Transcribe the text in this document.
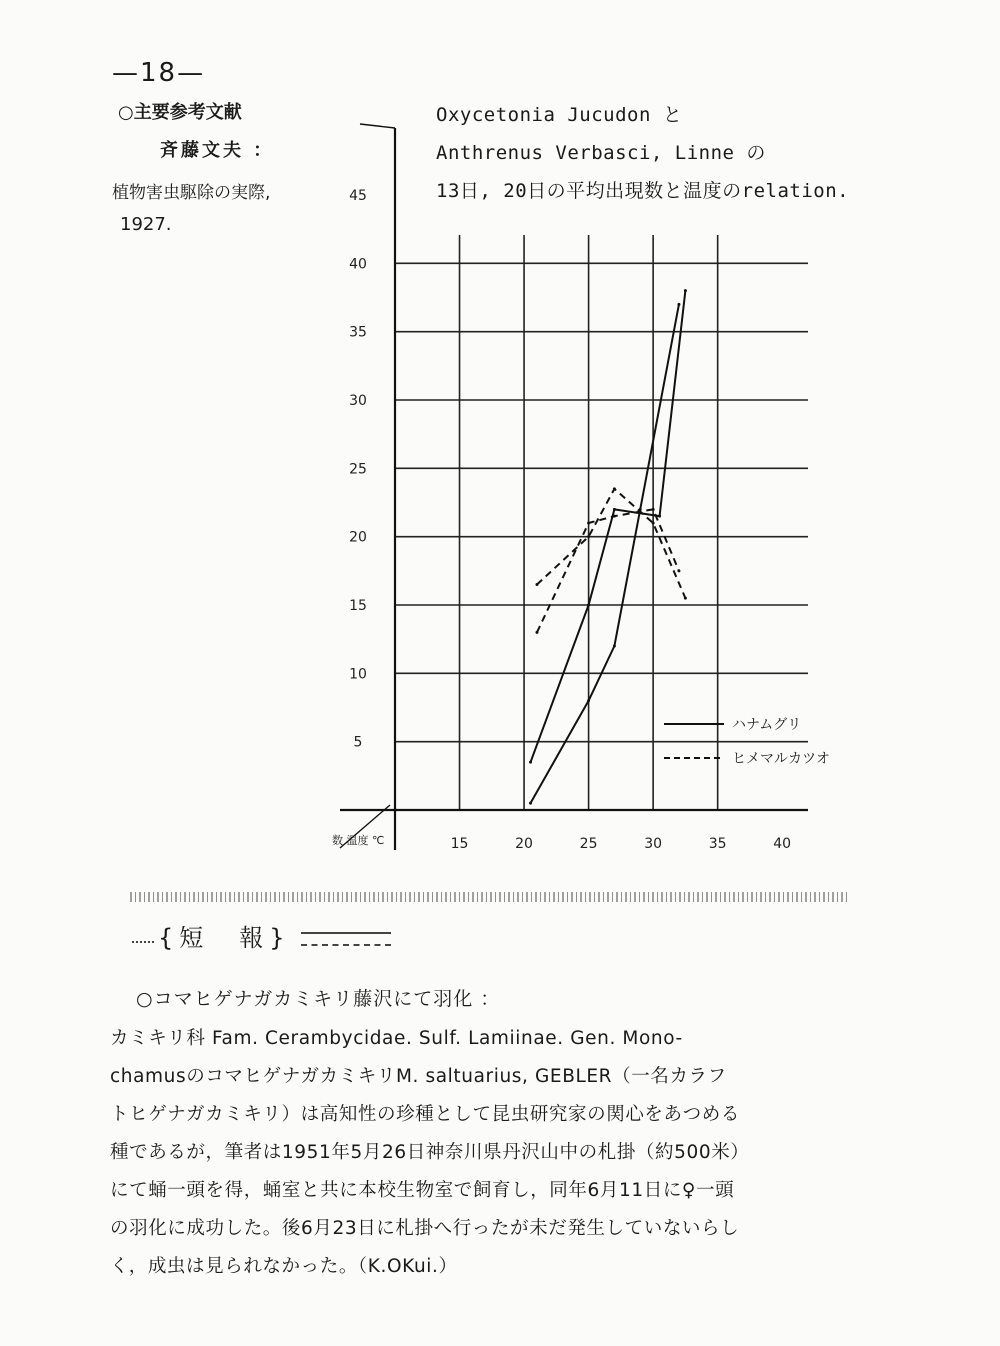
—18—
○主要参考文献
斉藤文夫 ：
植物害虫駆除の実際,
1927.
Oxycetonia Jucudon と
Anthrenus Verbasci, Linne の
13日, 20日の平均出現数と温度のrelation.
5
10
15
20
25
30
35
40
45
15	20	25	30	35	40
ハナムグリ
ヒメマルカツオ
数 温度 ℃
{短　報}
○コマヒゲナガカミキリ藤沢にて羽化 ：
カミキリ科 Fam. Cerambycidae. Sulf. Lamiinae. Gen. Mono-
chamusのコマヒゲナガカミキリM. saltuarius, GEBLER（一名カラフ
トヒゲナガカミキリ）は高知性の珍種として昆虫研究家の関心をあつめる
種であるが，筆者は1951年5月26日神奈川県丹沢山中の札掛（約500米）
にて蛹一頭を得，蛹室と共に本校生物室で飼育し，同年6月11日に♀一頭
の羽化に成功した。後6月23日に札掛へ行ったが未だ発生していないらし
く，成虫は見られなかった。（K.OKui.）
